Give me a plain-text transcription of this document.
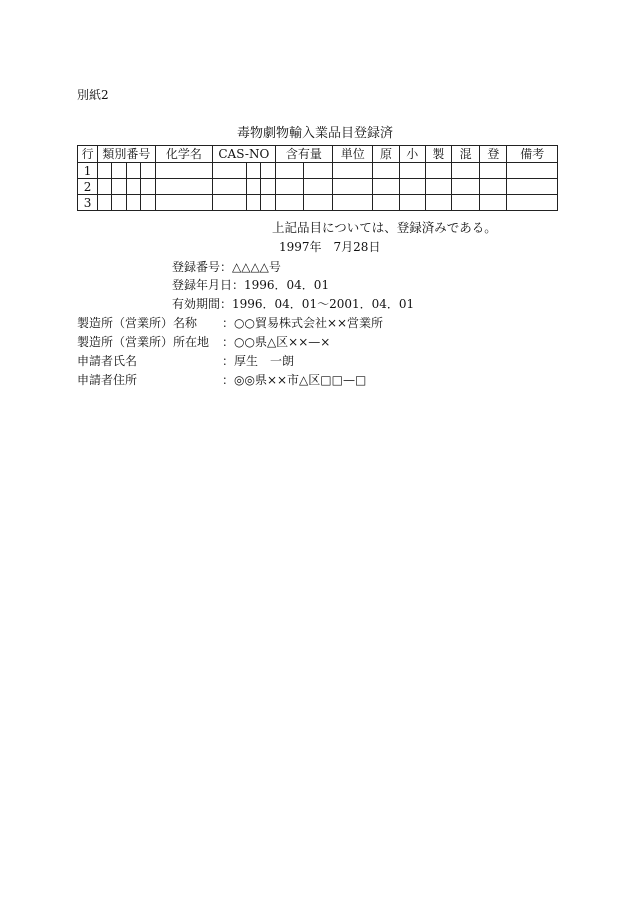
別紙2
毒物劇物輸入業品目登録済
行	類別番号				化学名	CAS-NO			含有量		単位	原	小	製	混	登	備考
1																	
2																	
3																	
上記品目については、登録済みである。
1997年　7月28日
登録番号：△△△△号
登録年月日：1996．04．01
有効期間：1996．04．01～2001．04．01
製造所（営業所）名称 ：○○貿易株式会社××営業所
製造所（営業所）所在地 ：○○県△区××—×
申請者氏名	：厚生　一朗
申請者住所	：◎◎県××市△区□□—□
